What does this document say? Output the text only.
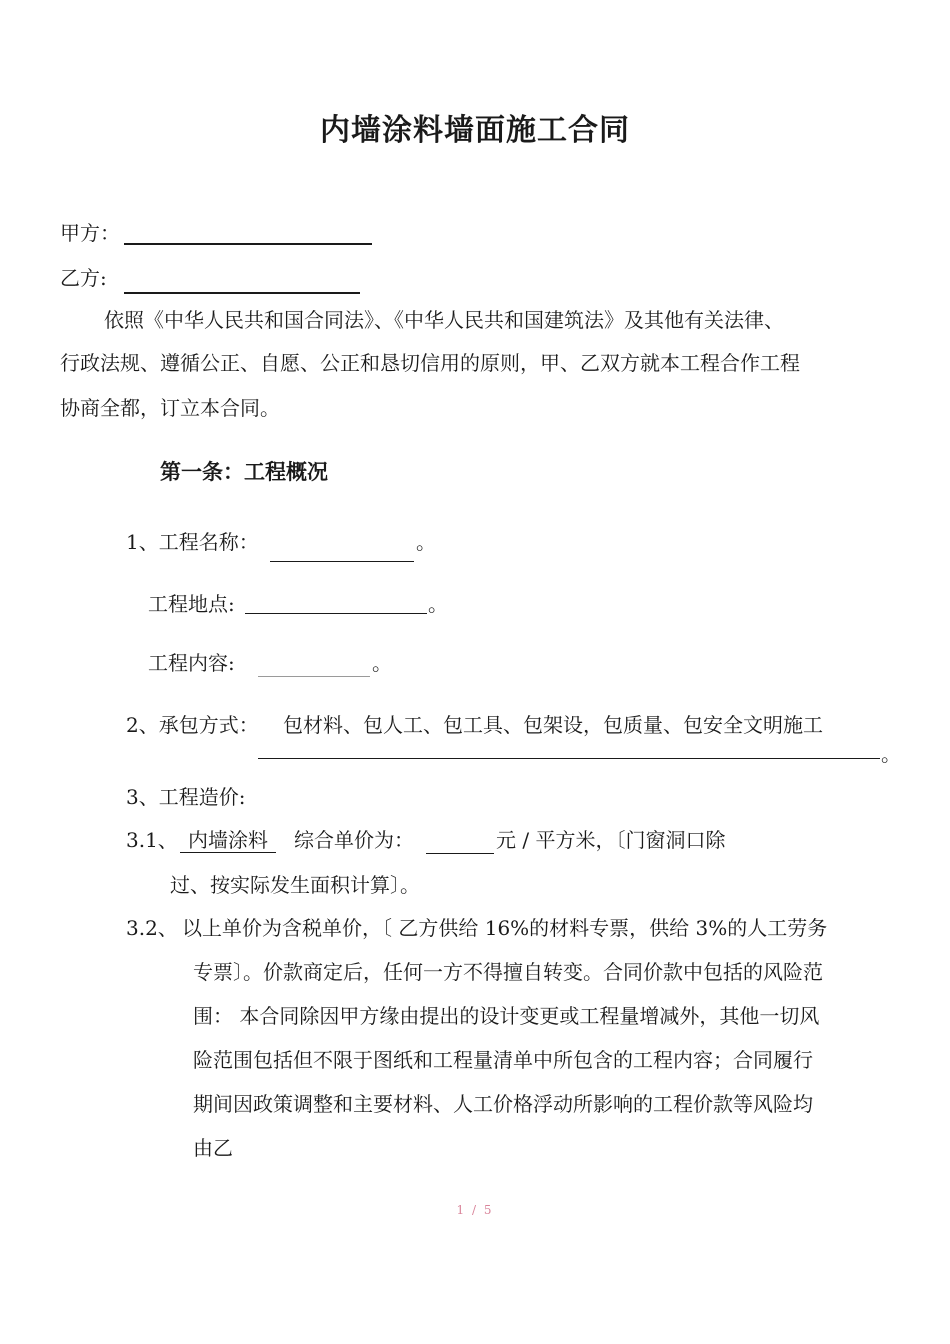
内墙涂料墙面施工合同
甲方：
乙方:
依照《中华人民共和国合同法》、《中华人民共和国建筑法》及其他有关法律、
行政法规、遵循公正、自愿、公正和恳切信用的原则，甲、乙双方就本工程合作工程
协商全都，订立本合同。
第一条：工程概况
1、工程名称：	。
工程地点:	。
工程内容:	。
2、承包方式： 包材料、包人工、包工具、包架设，包质量、包安全文明施工
。
3、工程造价:
3.1、 内墙涂料	综合单价为：	元 / 平方米，〔门窗洞口除
过、按实际发生面积计算〕。
3.2、 以上单价为含税单价，〔 乙方供给 16%的材料专票，供给 3%的人工劳务
专票〕。价款商定后，任何一方不得擅自转变。合同价款中包括的风险范
围： 本合同除因甲方缘由提出的设计变更或工程量增减外，其他一切风
险范围包括但不限于图纸和工程量清单中所包含的工程内容；合同履行
期间因政策调整和主要材料、人工价格浮动所影响的工程价款等风险均
由乙
1 / 5
